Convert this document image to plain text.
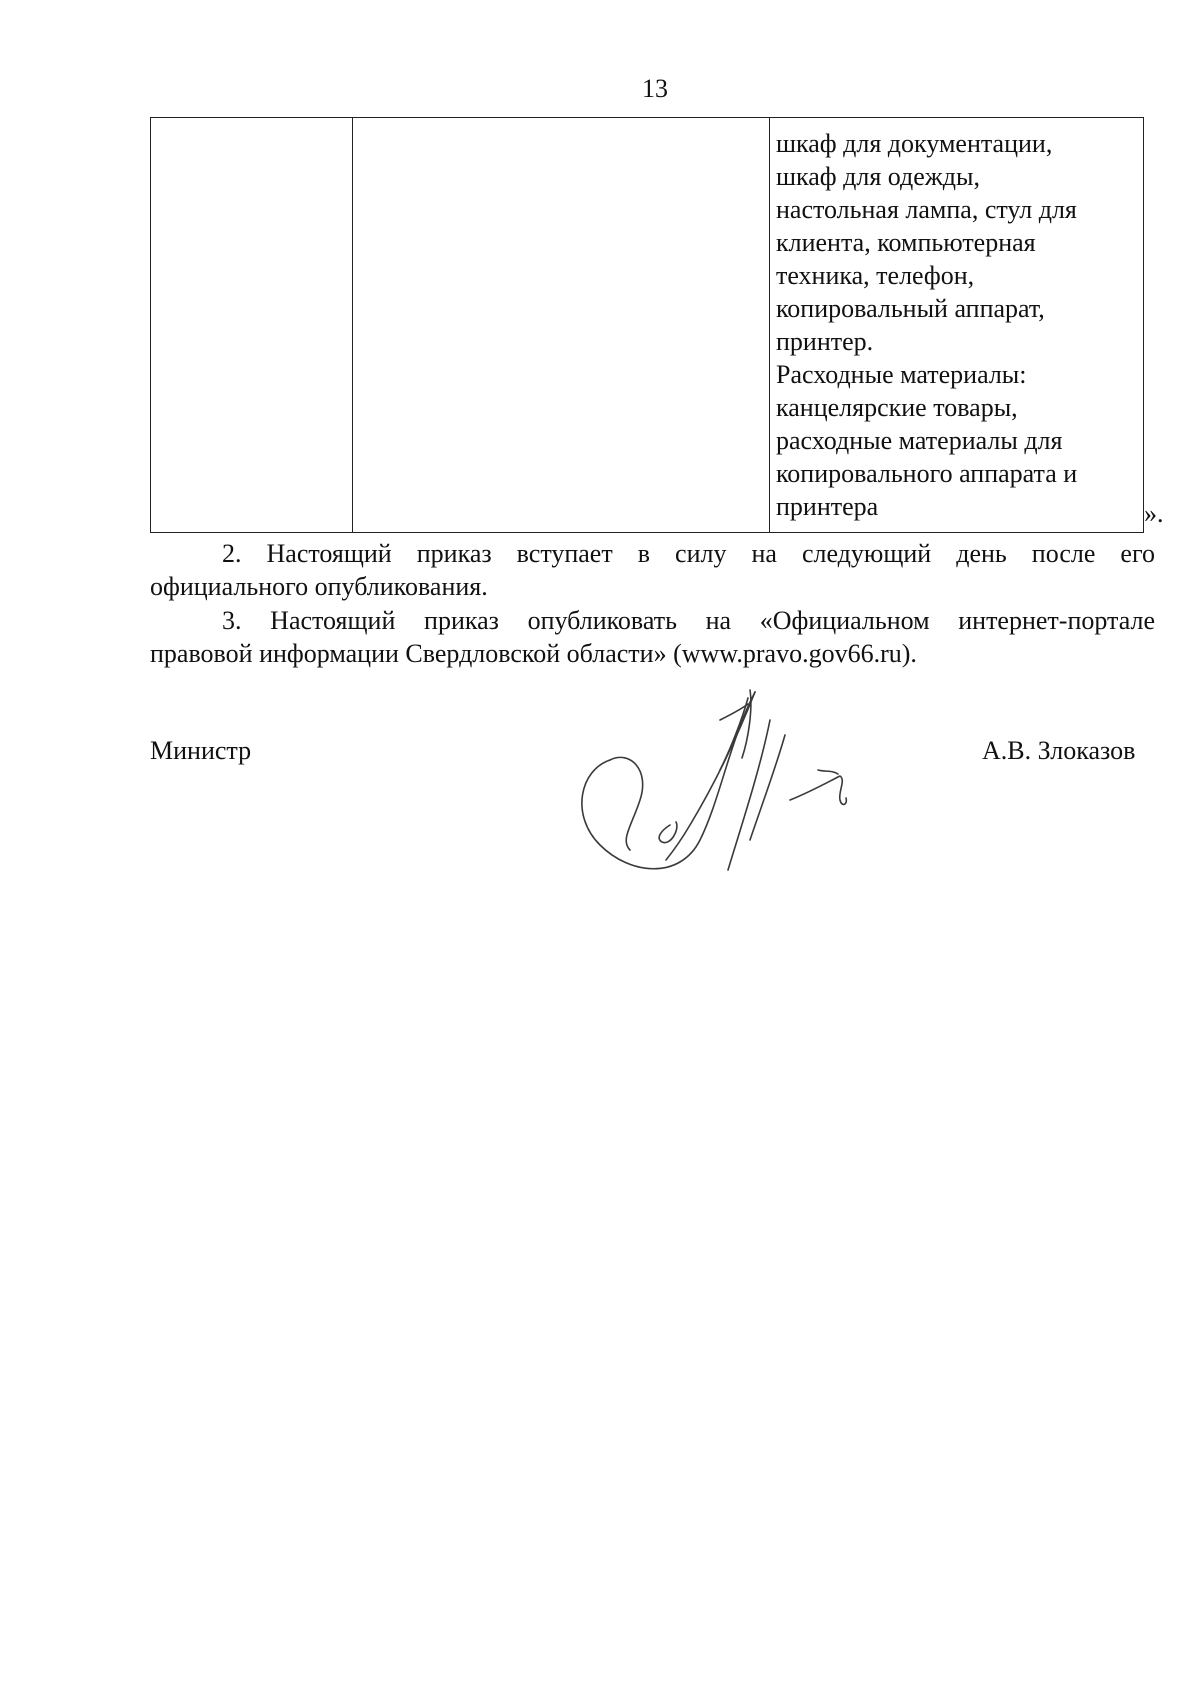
13
шкаф для документации,
шкаф для одежды,
настольная лампа, стул для
клиента, компьютерная
техника, телефон,
копировальный аппарат,
принтер.
Расходные материалы:
канцелярские товары,
расходные материалы для
копировального аппарата и
принтера	».
2. Настоящий приказ вступает в силу на следующий день после его
официального опубликования.
3. Настоящий приказ опубликовать на «Официальном интернет-портале
правовой информации Свердловской области» (www.pravo.gov66.ru).
Министр	А.В. Злоказов
